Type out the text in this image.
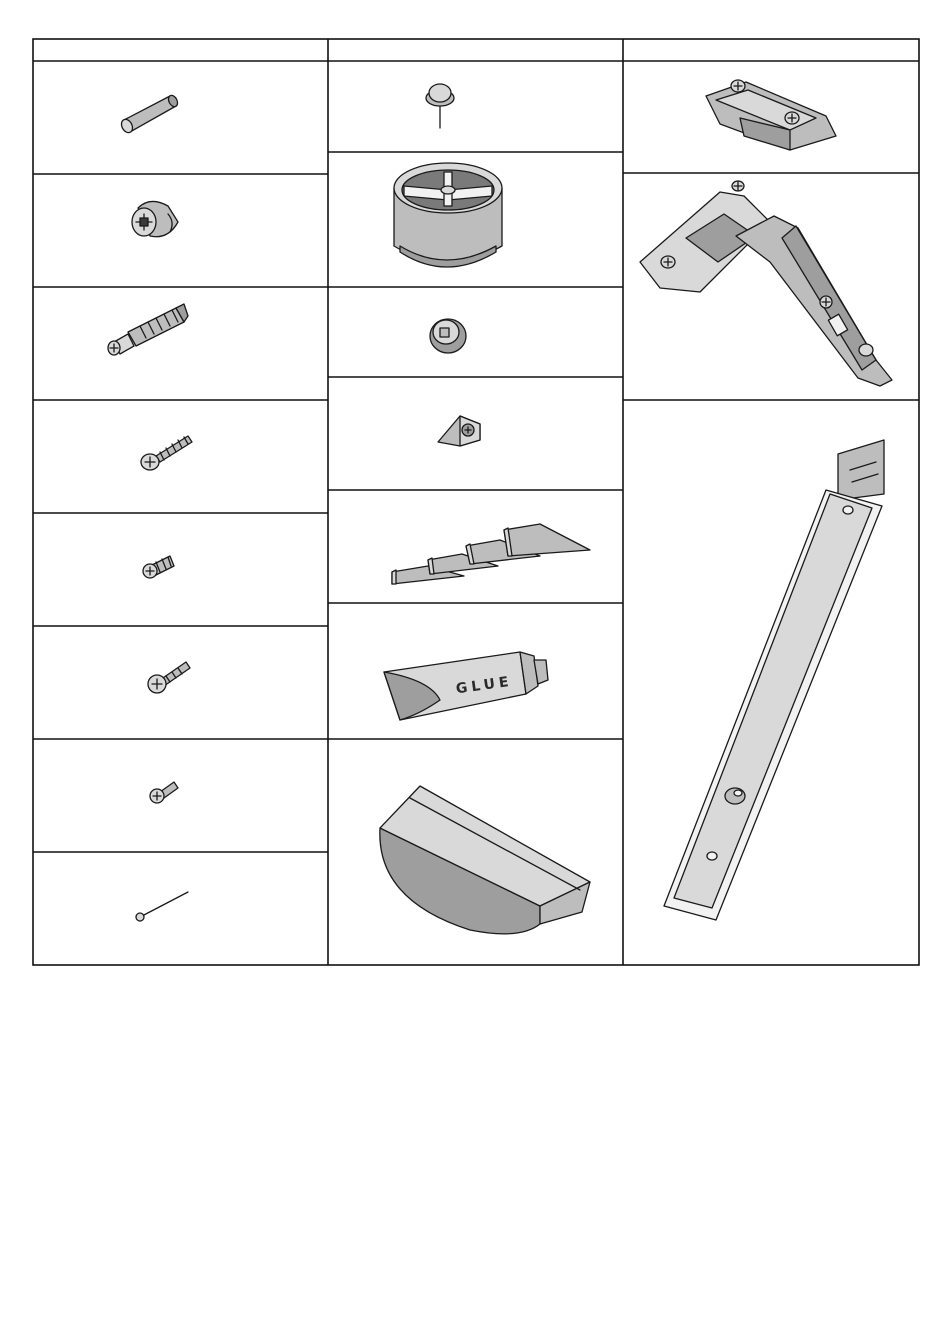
GLUE
